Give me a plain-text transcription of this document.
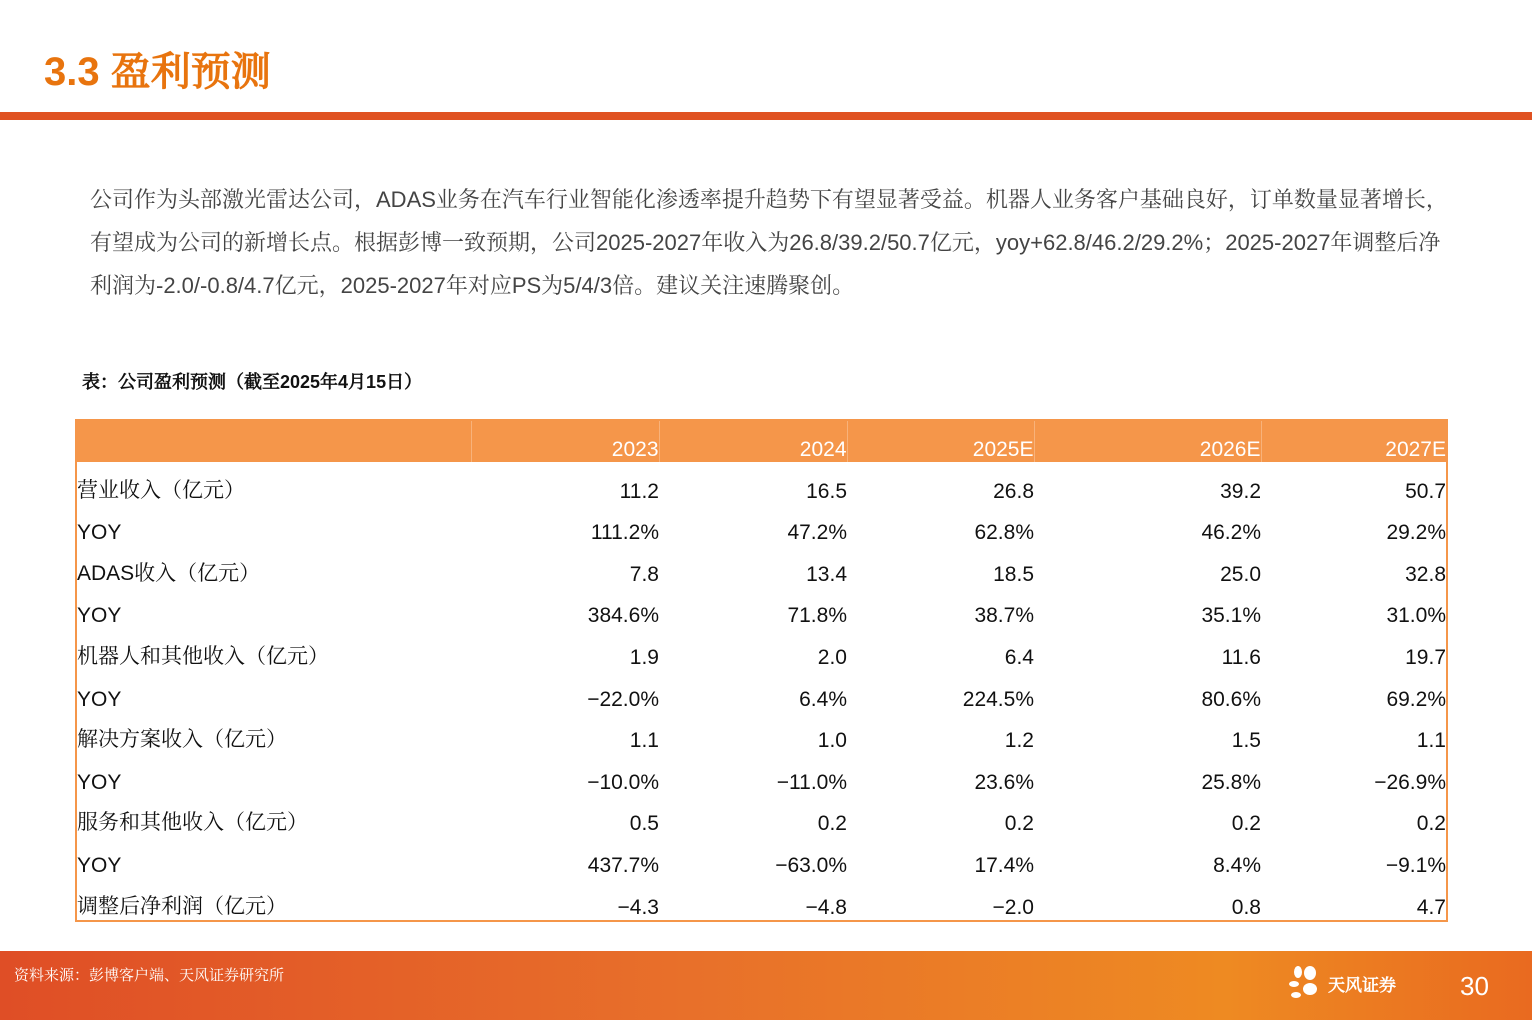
3.3 盈利预测
公司作为头部激光雷达公司，ADAS业务在汽车行业智能化渗透率提升趋势下有望显著受益。机器人业务客户基础良好，订单数量显著增长，有望成为公司的新增长点。根据彭博一致预期，公司2025-2027年收入为26.8/39.2/50.7亿元，yoy+62.8/46.2/29.2%；2025-2027年调整后净利润为-2.0/-0.8/4.7亿元，2025-2027年对应PS为5/4/3倍。建议关注速腾聚创。
表：公司盈利预测（截至2025年4月15日）
	2023	2024	2025E	2026E	2027E
营业收入（亿元）	11.2	16.5	26.8	39.2	50.7
YOY	111.2%	47.2%	62.8%	46.2%	29.2%
ADAS收入（亿元）	7.8	13.4	18.5	25.0	32.8
YOY	384.6%	71.8%	38.7%	35.1%	31.0%
机器人和其他收入（亿元）	1.9	2.0	6.4	11.6	19.7
YOY	−22.0%	6.4%	224.5%	80.6%	69.2%
解决方案收入（亿元）	1.1	1.0	1.2	1.5	1.1
YOY	−10.0%	−11.0%	23.6%	25.8%	−26.9%
服务和其他收入（亿元）	0.5	0.2	0.2	0.2	0.2
YOY	437.7%	−63.0%	17.4%	8.4%	−9.1%
调整后净利润（亿元）	−4.3	−4.8	−2.0	0.8	4.7
资料来源：彭博客户端、天风证券研究所	天风证券 30
